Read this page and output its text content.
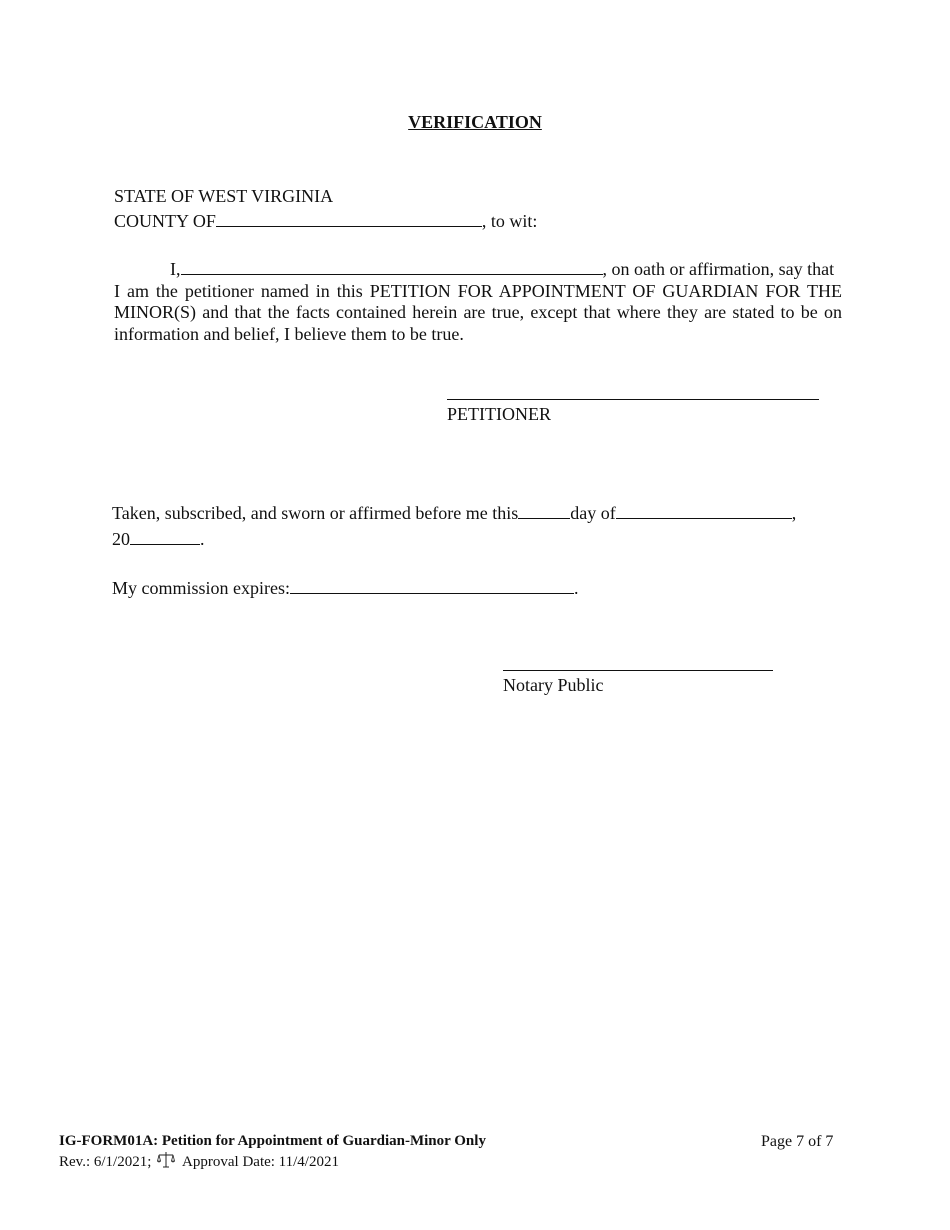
VERIFICATION
STATE OF WEST VIRGINIA
COUNTY OF	, to wit:
I,	, on oath or affirmation, say that
I am the petitioner named in this PETITION FOR APPOINTMENT OF GUARDIAN FOR THE MINOR(S) and that the facts contained herein are true, except that where they are stated to be on information and belief, I believe them to be true.
PETITIONER
Taken, subscribed, and sworn or affirmed before me this	day of	,
20	.
My commission expires:	.
Notary Public
IG-FORM01A: Petition for Appointment of Guardian-Minor Only
Rev.: 6/1/2021; Approval Date: 11/4/2021
Page 7 of 7
